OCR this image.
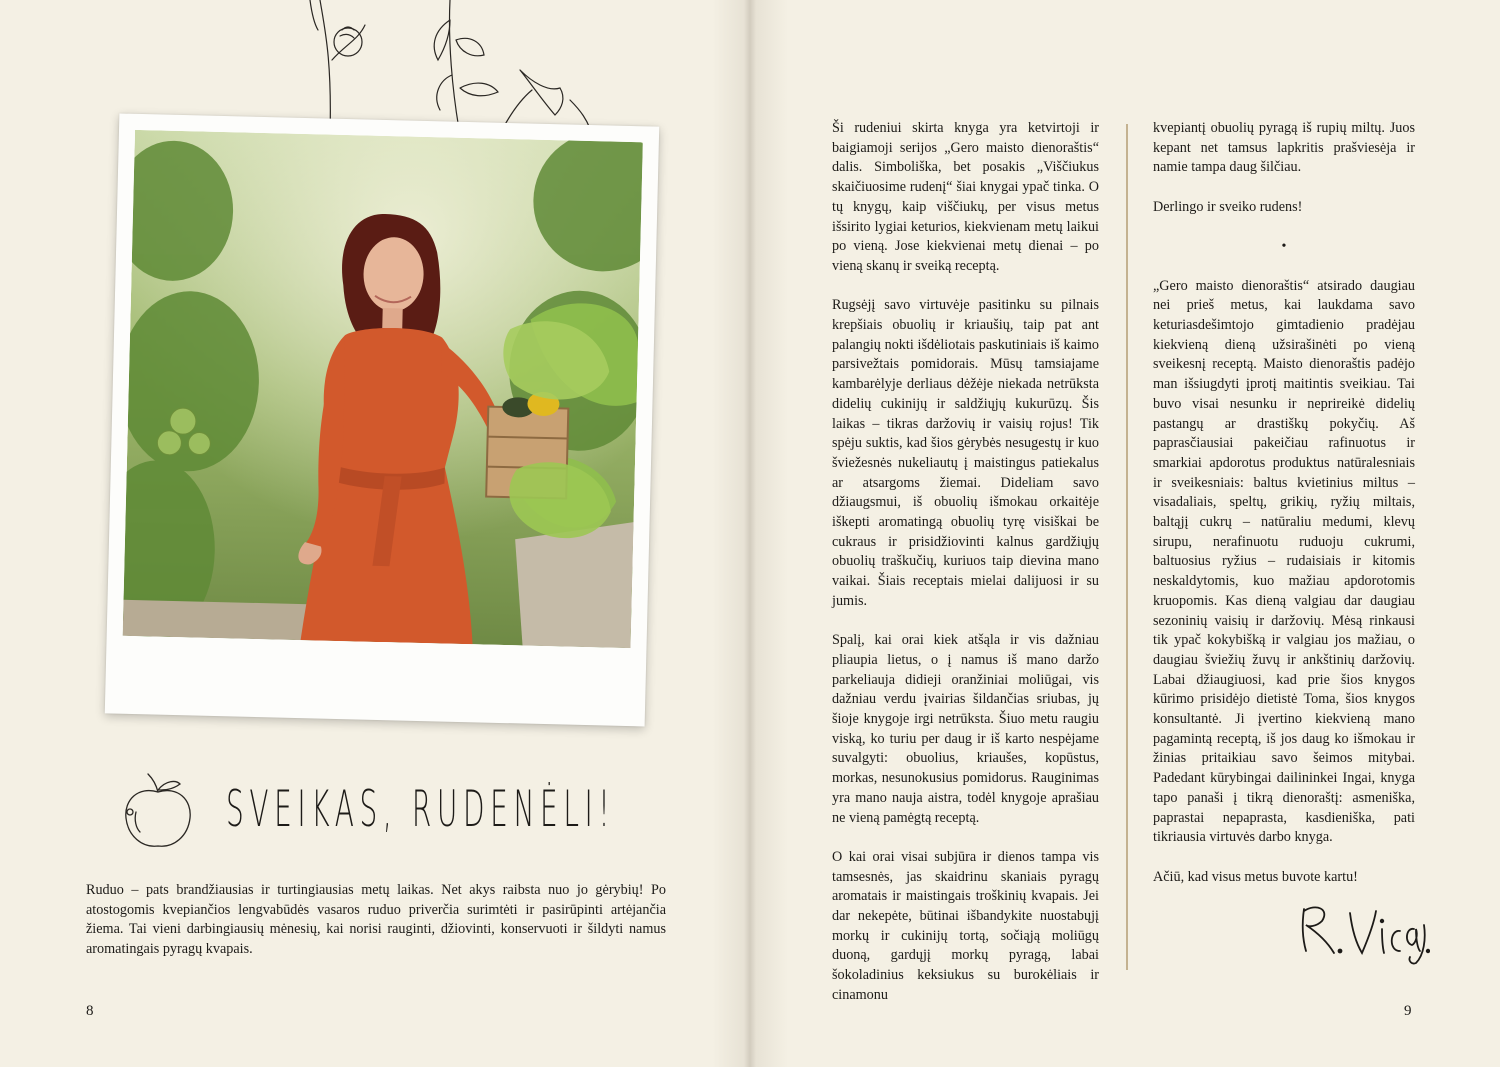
SVEIKAS, RUDENĖLI!

Ruduo – pats brandžiausias ir turtingiausias metų laikas. Net akys raibsta nuo jo gėrybių! Po atostogomis kvepiančios lengvabūdės vasaros ruduo priverčia surimtėti ir pasirūpinti artėjančia žiema. Tai vieni darbingiausių mėnesių, kai norisi rauginti, džiovinti, konservuoti ir šildyti namus aromatingais pyragų kvapais.

8

Ši rudeniui skirta knyga yra ketvirtoji ir baigiamoji serijos „Gero maisto dienoraštis“ dalis. Simboliška, bet posakis „Viščiukus skaičiuosime rudenį“ šiai knygai ypač tinka. O tų knygų, kaip viščiukų, per visus metus išsirito lygiai keturios, kiekvienam metų laikui po vieną. Jose kiekvienai metų dienai – po vieną skanų ir sveiką receptą.

Rugsėjį savo virtuvėje pasitinku su pilnais krepšiais obuolių ir kriaušių, taip pat ant palangių nokti išdėliotais paskutiniais iš kaimo parsivežtais pomidorais. Mūsų tamsiajame kambarėlyje derliaus dėžėje niekada netrūksta didelių cukinijų ir saldžiųjų kukurūzų. Šis laikas – tikras daržovių ir vaisių rojus! Tik spėju suktis, kad šios gėrybės nesugestų ir kuo šviežesnės nukeliautų į maistingus patiekalus ar atsargoms žiemai. Dideliam savo džiaugsmui, iš obuolių išmokau orkaitėje iškepti aromatingą obuolių tyrę visiškai be cukraus ir prisidžiovinti kalnus gardžiųjų obuolių traškučių, kuriuos taip dievina mano vaikai. Šiais receptais mielai dalijuosi ir su jumis.

Spalį, kai orai kiek atšąla ir vis dažniau pliaupia lietus, o į namus iš mano daržo parkeliauja didieji oranžiniai moliūgai, vis dažniau verdu įvairias šildančias sriubas, jų šioje knygoje irgi netrūksta. Šiuo metu raugiu viską, ko turiu per daug ir iš karto nespėjame suvalgyti: obuolius, kriaušes, kopūstus, morkas, nesunokusius pomidorus. Rauginimas yra mano nauja aistra, todėl knygoje aprašiau ne vieną pamėgtą receptą.

O kai orai visai subjūra ir dienos tampa vis tamsesnės, jas skaidrinu skaniais pyragų aromatais ir maistingais troškinių kvapais. Jei dar nekepėte, būtinai išbandykite nuostabųjį morkų ir cukinijų tortą, sočiąją moliūgų duoną, gardųjį morkų pyragą, labai šokoladinius keksiukus su burokėliais ir cinamonu

kvepiantį obuolių pyragą iš rupių miltų. Juos kepant net tamsus lapkritis prašviesėja ir namie tampa daug šilčiau.

Derlingo ir sveiko rudens!

•

„Gero maisto dienoraštis“ atsirado daugiau nei prieš metus, kai laukdama savo keturiasdešimtojo gimtadienio pradėjau kiekvieną dieną užsirašinėti po vieną sveikesnį receptą. Maisto dienoraštis padėjo man išsiugdyti įprotį maitintis sveikiau. Tai buvo visai nesunku ir neprireikė didelių pastangų ar drastiškų pokyčių. Aš paprasčiausiai pakeičiau rafinuotus ir smarkiai apdorotus produktus natūralesniais ir sveikesniais: baltus kvietinius miltus – visadaliais, speltų, grikių, ryžių miltais, baltąjį cukrų – natūraliu medumi, klevų sirupu, nerafinuotu ruduoju cukrumi, baltuosius ryžius – rudaisiais ir kitomis neskaldytomis, kuo mažiau apdorotomis kruopomis. Kas dieną valgiau dar daugiau sezoninių vaisių ir daržovių. Mėsą rinkausi tik ypač kokybišką ir valgiau jos mažiau, o daugiau šviežių žuvų ir ankštinių daržovių. Labai džiaugiuosi, kad prie šios knygos kūrimo prisidėjo dietistė Toma, šios knygos konsultantė. Ji įvertino kiekvieną mano pagamintą receptą, iš jos daug ko išmokau ir žinias pritaikiau savo šeimos mitybai. Padedant kūrybingai dailininkei Ingai, knyga tapo panaši į tikrą dienoraštį: asmeniška, paprastai nepaprasta, kasdieniška, pati tikriausia virtuvės darbo knyga.

Ačiū, kad visus metus buvote kartu!

9
